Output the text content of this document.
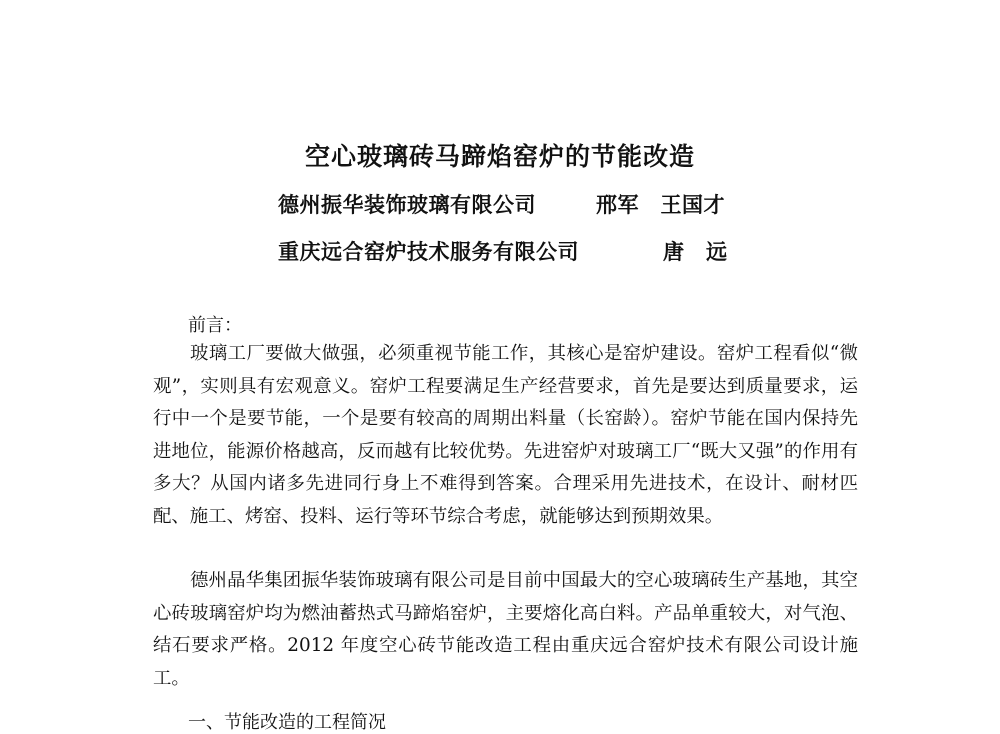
空心玻璃砖马蹄焰窑炉的节能改造
德州振华装饰玻璃有限公司	邢军　王国才
重庆远合窑炉技术服务有限公司	唐　远
前言：

玻璃工厂要做大做强，必须重视节能工作，其核心是窑炉建设。窑炉工程看似“微观”，实则具有宏观意义。窑炉工程要满足生产经营要求，首先是要达到质量要求，运行中一个是要节能，一个是要有较高的周期出料量（长窑龄）。窑炉节能在国内保持先进地位，能源价格越高，反而越有比较优势。先进窑炉对玻璃工厂“既大又强”的作用有多大？从国内诸多先进同行身上不难得到答案。合理采用先进技术，在设计、耐材匹配、施工、烤窑、投料、运行等环节综合考虑，就能够达到预期效果。

德州晶华集团振华装饰玻璃有限公司是目前中国最大的空心玻璃砖生产基地，其空心砖玻璃窑炉均为燃油蓄热式马蹄焰窑炉，主要熔化高白料。产品单重较大，对气泡、结石要求严格。2012 年度空心砖节能改造工程由重庆远合窑炉技术有限公司设计施工。

一、节能改造的工程简况
